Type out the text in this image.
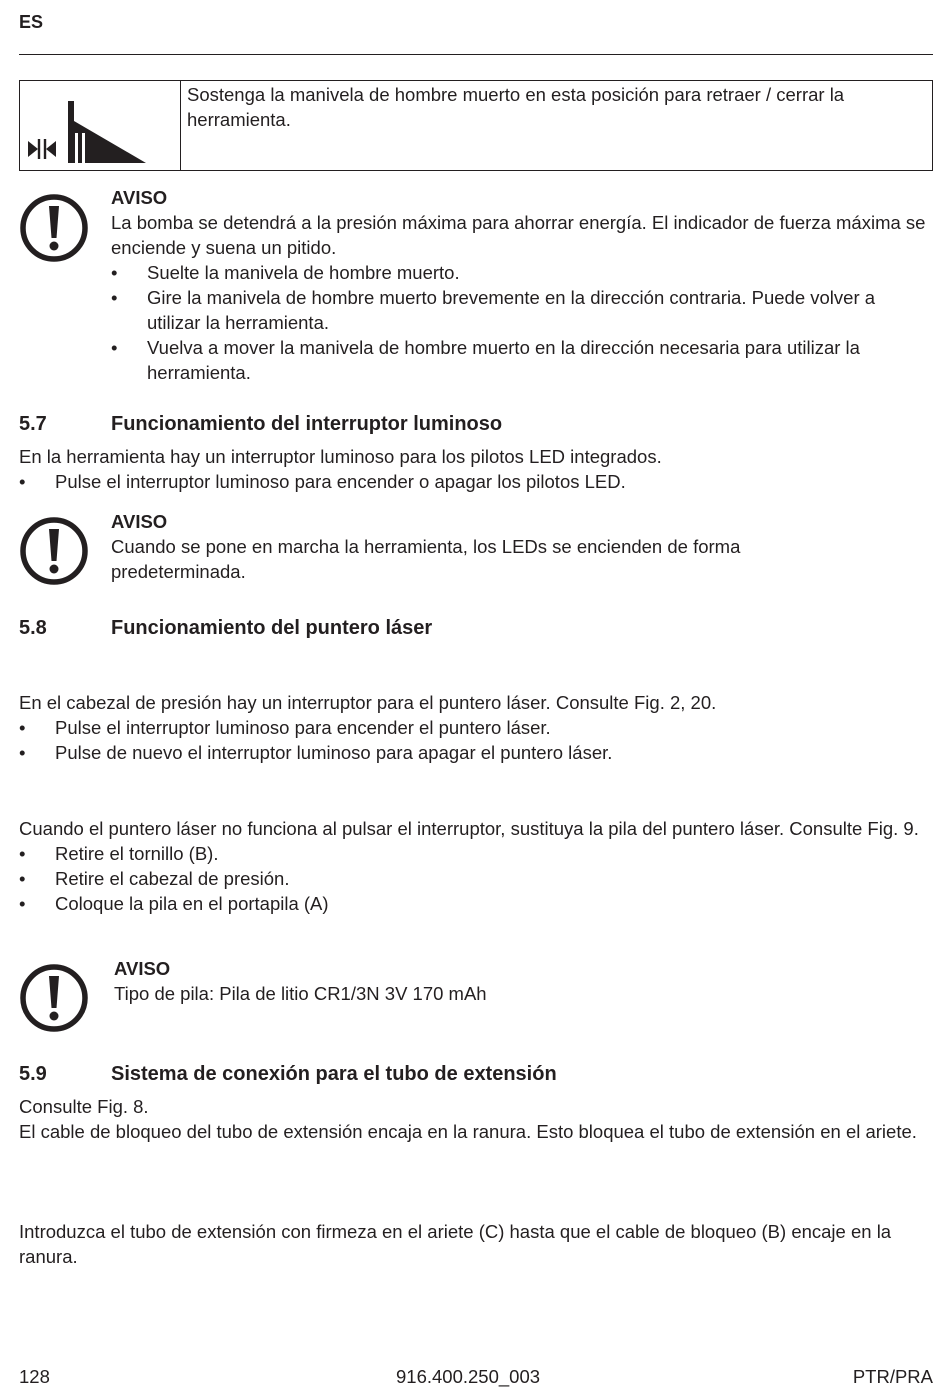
ES
Sostenga la manivela de hombre muerto en esta posición para retraer / cerrar la herramienta.
AVISO
La bomba se detendrá a la presión máxima para ahorrar energía. El indicador de fuerza máxima se enciende y suena un pitido.
• Suelte la manivela de hombre muerto.
• Gire la manivela de hombre muerto brevemente en la dirección contraria. Puede volver a utilizar la herramienta.
• Vuelva a mover la manivela de hombre muerto en la dirección necesaria para utilizar la herramienta.
5.7	Funcionamiento del interruptor luminoso
En la herramienta hay un interruptor luminoso para los pilotos LED integrados.
• Pulse el interruptor luminoso para encender o apagar los pilotos LED.
AVISO
Cuando se pone en marcha la herramienta, los LEDs se encienden de forma predeterminada.
5.8	Funcionamiento del puntero láser
En el cabezal de presión hay un interruptor para el puntero láser. Consulte Fig. 2, 20.
• Pulse el interruptor luminoso para encender el puntero láser.
• Pulse de nuevo el interruptor luminoso para apagar el puntero láser.
Cuando el puntero láser no funciona al pulsar el interruptor, sustituya la pila del puntero láser. Consulte Fig. 9.
• Retire el tornillo (B).
• Retire el cabezal de presión.
• Coloque la pila en el portapila (A)
AVISO
Tipo de pila: Pila de litio CR1/3N 3V 170 mAh
5.9	Sistema de conexión para el tubo de extensión
Consulte Fig. 8.
El cable de bloqueo del tubo de extensión encaja en la ranura. Esto bloquea el tubo de extensión en el ariete.
Introduzca el tubo de extensión con firmeza en el ariete (C) hasta que el cable de bloqueo (B) encaje en la ranura.
128	916.400.250_003	PTR/PRA
